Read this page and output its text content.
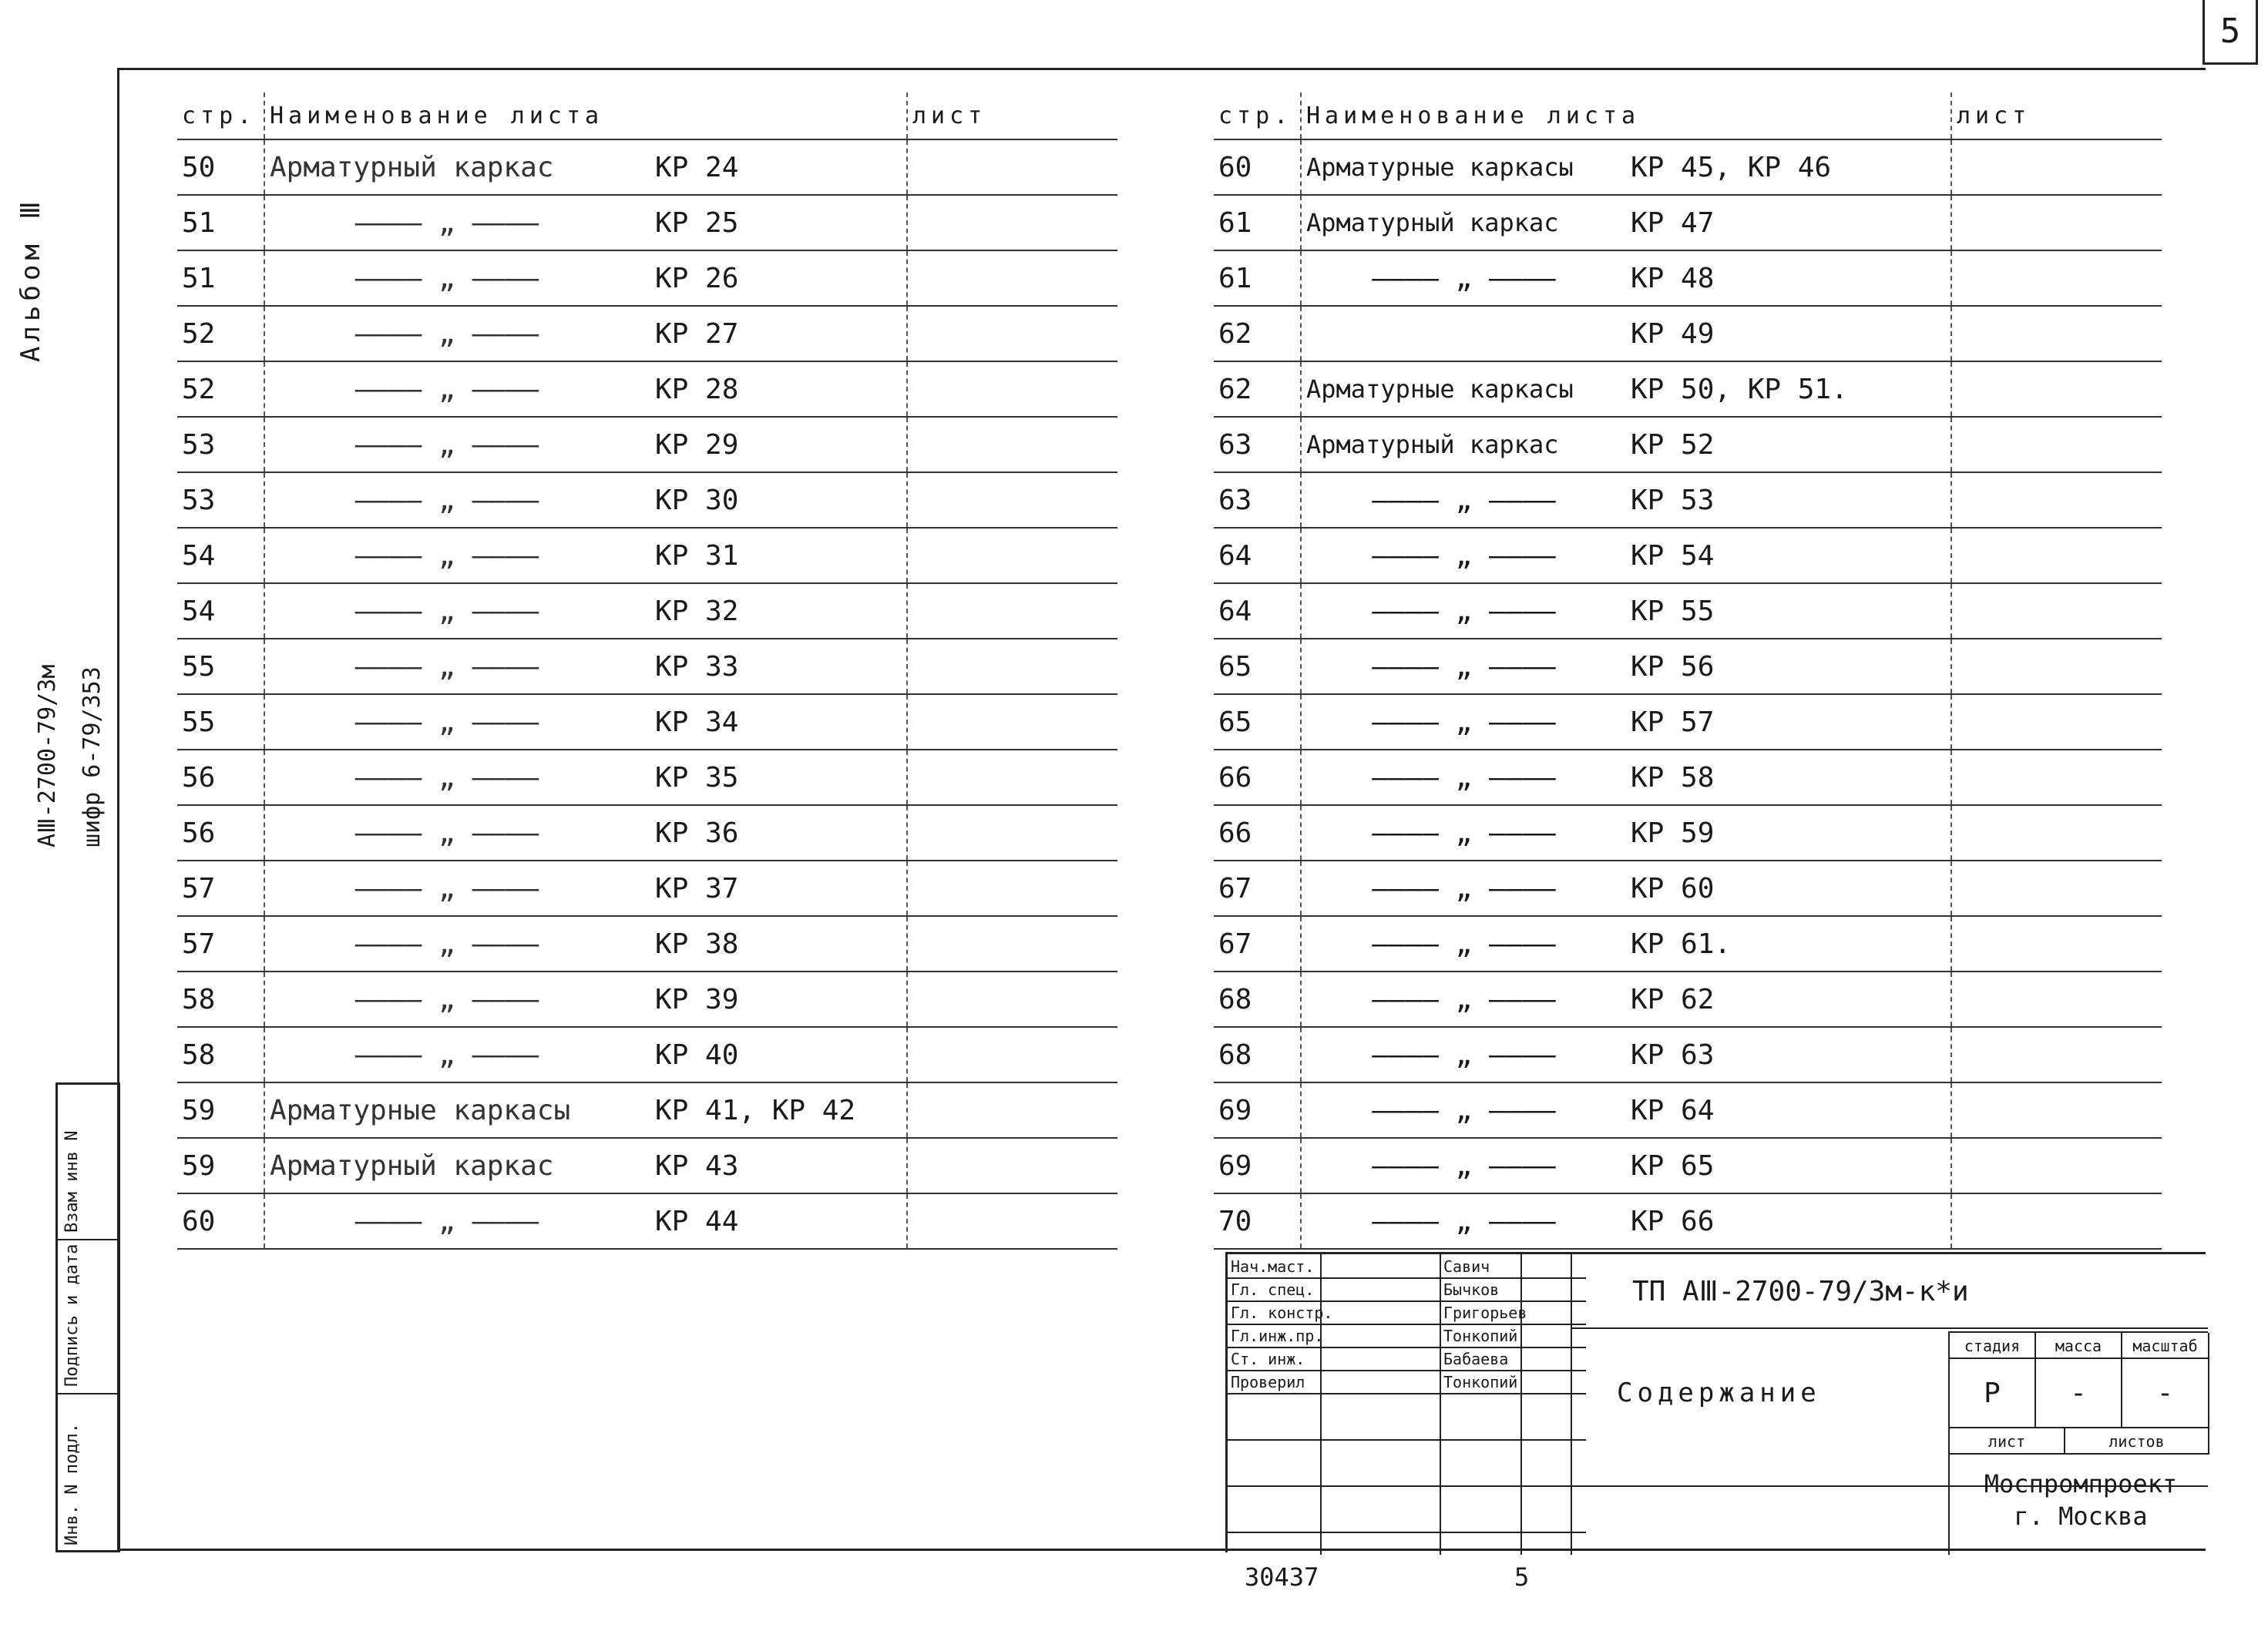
5
Альбом Ⅲ
АⅢ-2700-79/3м шифр 6-79/353
Инв. N подл.
Подпись и дата
Взам инв N
стр.	Наименование листа	лист
50	Арматурный каркас КР 24	
51	———— „ ———— КР 25	
51	———— „ ———— КР 26	
52	———— „ ———— КР 27	
52	———— „ ———— КР 28	
53	———— „ ———— КР 29	
53	———— „ ———— КР 30	
54	———— „ ———— КР 31	
54	———— „ ———— КР 32	
55	———— „ ———— КР 33	
55	———— „ ———— КР 34	
56	———— „ ———— КР 35	
56	———— „ ———— КР 36	
57	———— „ ———— КР 37	
57	———— „ ———— КР 38	
58	———— „ ———— КР 39	
58	———— „ ———— КР 40	
59	Арматурные каркасы КР 41, КР 42	
59	Арматурный каркас КР 43	
60	———— „ ———— КР 44	
стр.	Наименование листа		лист
60	Арматурные каркасы	КР 45, КР 46	
61	Арматурный каркас	КР 47	
61	———— „ ————	КР 48	
62		КР 49	
62	Арматурные каркасы	КР 50, КР 51.	
63	Арматурный каркас	КР 52	
63	———— „ ————	КР 53	
64	———— „ ————	КР 54	
64	———— „ ————	КР 55	
65	———— „ ————	КР 56	
65	———— „ ————	КР 57	
66	———— „ ————	КР 58	
66	———— „ ————	КР 59	
67	———— „ ————	КР 60	
67	———— „ ————	КР 61.	
68	———— „ ————	КР 62	
68	———— „ ————	КР 63	
69	———— „ ————	КР 64	
69	———— „ ————	КР 65	
70	———— „ ————	КР 66	
Нач.маст.	Савич
Гл. спец.	Бычков
Гл. констр.	Григорьев
Гл.инж.пр.	Тонкопий
Ст. инж.	Бабаева
Проверил	Тонкопий
ТП АⅢ-2700-79/3м-к*и
Содержание
стадия	масса	масштаб
Р	-	-
лист	листов
Моспромпроект
г. Москва
30437	5
